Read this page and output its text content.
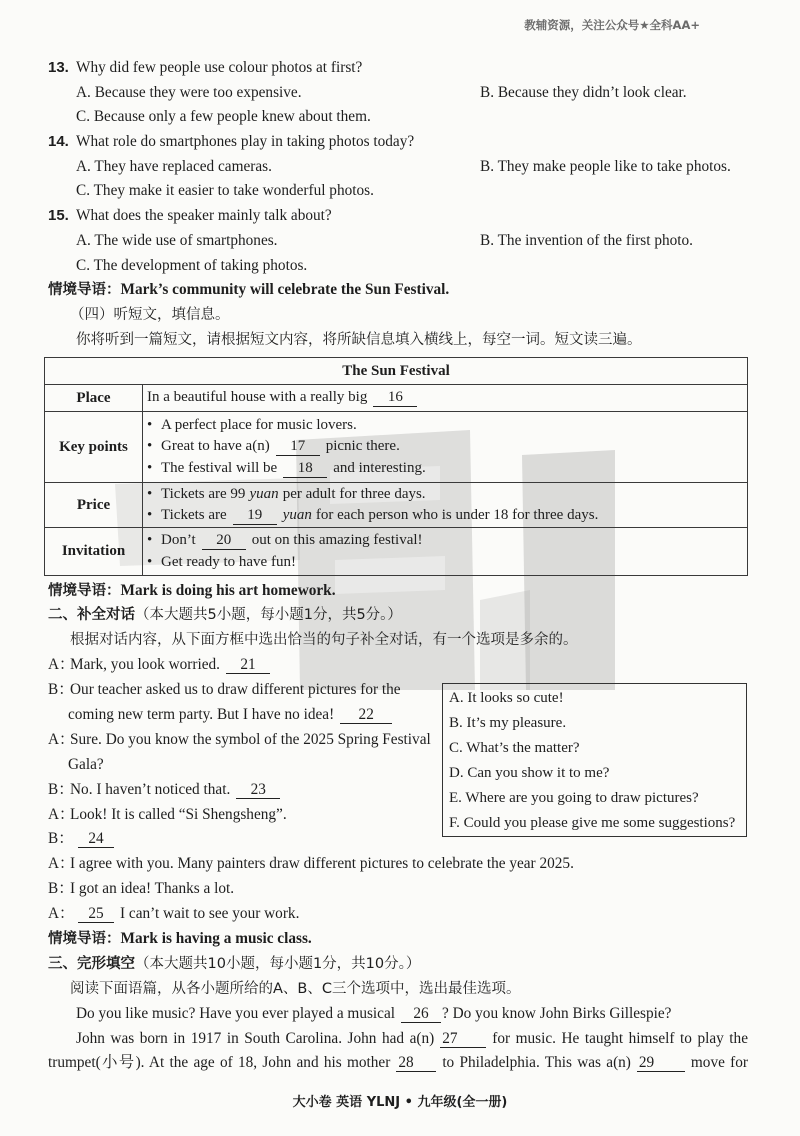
教辅资源，关注公众号★全科AA+
13. Why did few people use colour photos at first?
A. Because they were too expensive.	B. Because they didn’t look clear.
C. Because only a few people knew about them.
14. What role do smartphones play in taking photos today?
A. They have replaced cameras.	B. They make people like to take photos.
C. They make it easier to take wonderful photos.
15. What does the speaker mainly talk about?
A. The wide use of smartphones.	B. The invention of the first photo.
C. The development of taking photos.
情境导语：Mark’s community will celebrate the Sun Festival.
（四）听短文，填信息。
你将听到一篇短文，请根据短文内容，将所缺信息填入横线上，每空一词。短文读三遍。
The Sun Festival	
Place	In a beautiful house with a really big 16

Key points	• A perfect place for music lovers.
• Great to have a(n) 17 picnic there.
• The festival will be 18 and interesting.

Price	• Tickets are 99 yuan per adult for three days.
• Tickets are 19 yuan for each person who is under 18 for three days.

Invitation	• Don’t 20 out on this amazing festival!
• Get ready to have fun!
情境导语：Mark is doing his art homework.
二、补全对话（本大题共5小题，每小题1分，共5分。）
根据对话内容，从下面方框中选出恰当的句子补全对话，有一个选项是多余的。
A：Mark, you look worried. 21
B：Our teacher asked us to draw different pictures for the
coming new term party. But I have no idea! 22
A：Sure. Do you know the symbol of the 2025 Spring Festival
Gala?
B：No. I haven’t noticed that. 23
A：Look! It is called “Si Shengsheng”.
B： 24
A：I agree with you. Many painters draw different pictures to celebrate the year 2025.
B：I got an idea! Thanks a lot.
A： 25 I can’t wait to see your work.
情境导语：Mark is having a music class.
三、完形填空（本大题共10小题，每小题1分，共10分。）
阅读下面语篇，从各小题所给的A、B、C三个选项中，选出最佳选项。
Do you like music? Have you ever played a musical 26 ? Do you know John Birks Gillespie?
John was born in 1917 in South Carolina. John had a(n) 27 for music. He taught himself to play the
trumpet(小号). At the age of 18, John and his mother 28 to Philadelphia. This was a(n) 29 move for
A. It looks so cute!
B. It’s my pleasure.
C. What’s the matter?
D. Can you show it to me?
E. Where are you going to draw pictures?
F. Could you please give me some suggestions?
大小卷 英语 YLNJ • 九年级(全一册)
